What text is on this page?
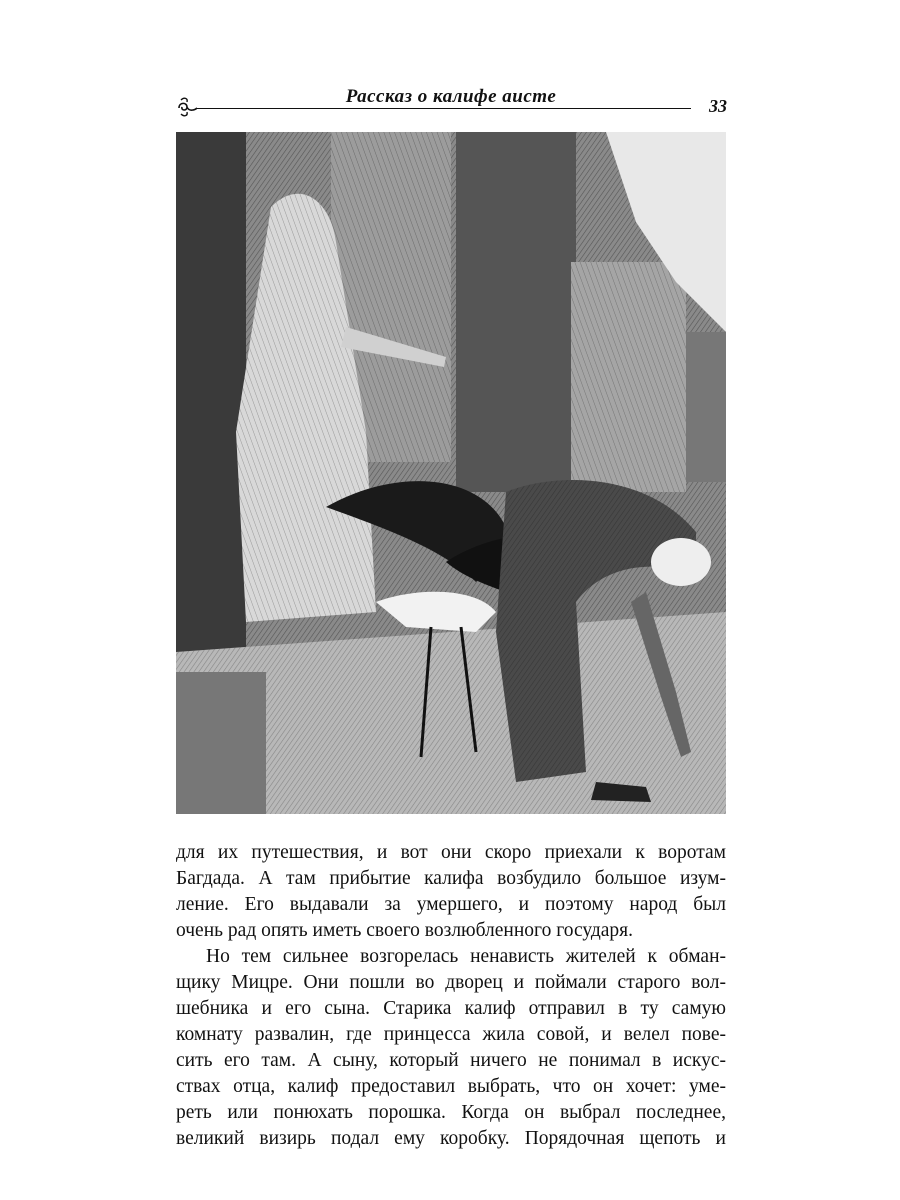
Рассказ о калифе аисте	33
для их путешествия, и вот они скоро приехали к воротам
Багдада. А там прибытие калифа возбудило большое изум-
ление. Его выдавали за умершего, и поэтому народ был
очень рад опять иметь своего возлюбленного государя.
Но тем сильнее возгорелась ненависть жителей к обман-
щику Мицре. Они пошли во дворец и поймали старого вол-
шебника и его сына. Старика калиф отправил в ту самую
комнату развалин, где принцесса жила совой, и велел пове-
сить его там. А сыну, который ничего не понимал в искус-
ствах отца, калиф предоставил выбрать, что он хочет: уме-
реть или понюхать порошка. Когда он выбрал последнее,
великий визирь подал ему коробку. Порядочная щепоть и
